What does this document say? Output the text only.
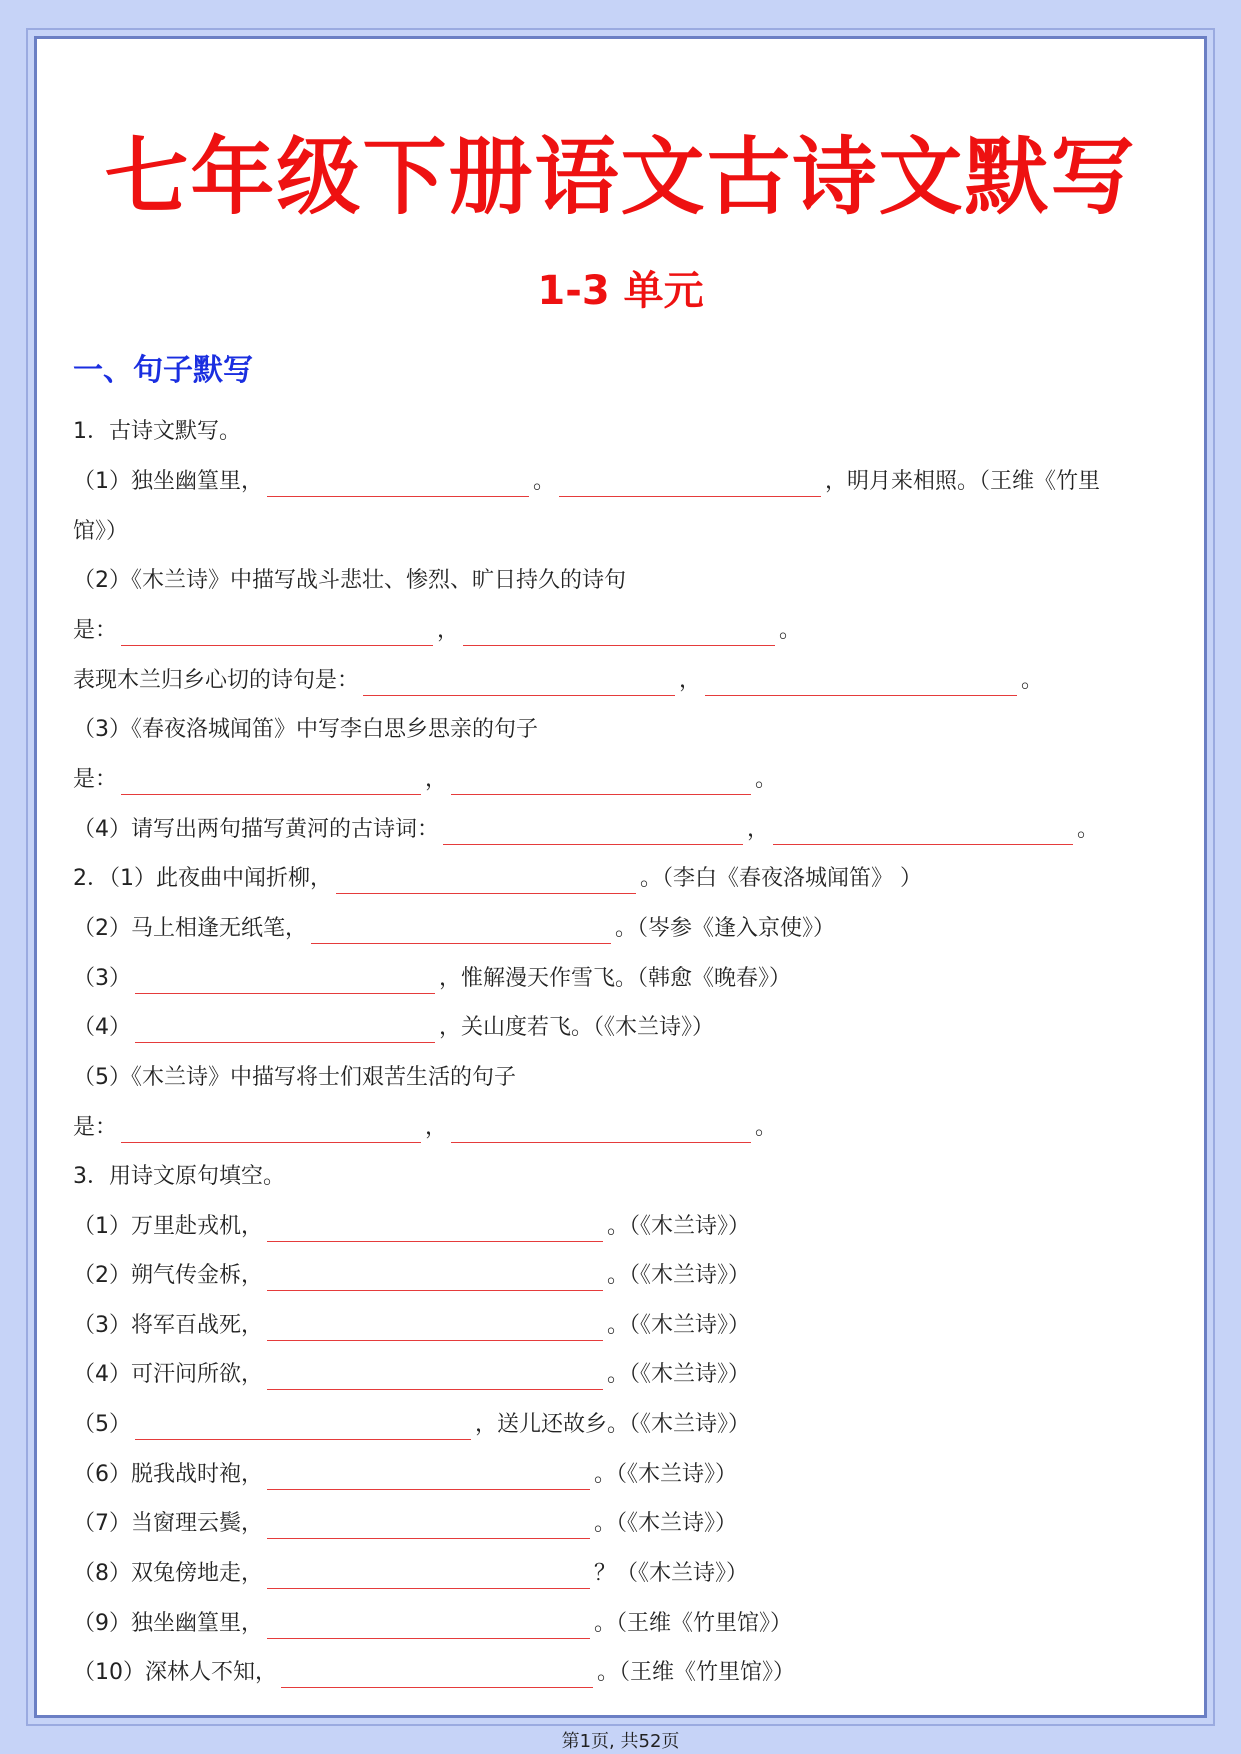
七年级下册语文古诗文默写
1-3 单元
一、句子默写
1．古诗文默写。
（1）独坐幽篁里，	。	，明月来相照。（王维《竹里
馆》）
（2）《木兰诗》中描写战斗悲壮、惨烈、旷日持久的诗句
是：	，	。
表现木兰归乡心切的诗句是：	，	。
（3）《春夜洛城闻笛》中写李白思乡思亲的句子
是：	，	。
（4）请写出两句描写黄河的古诗词：	，	。
2．（1）此夜曲中闻折柳，	。（李白《春夜洛城闻笛》 ）
（2）马上相逢无纸笔，	。（岑参《逢入京使》）
（3）	，惟解漫天作雪飞。（韩愈《晚春》）
（4）	，关山度若飞。（《木兰诗》）
（5）《木兰诗》中描写将士们艰苦生活的句子
是：	，	。
3．用诗文原句填空。
（1）万里赴戎机，	。（《木兰诗》）
（2）朔气传金柝，	。（《木兰诗》）
（3）将军百战死，	。（《木兰诗》）
（4）可汗问所欲，	。（《木兰诗》）
（5）	，送儿还故乡。（《木兰诗》）
（6）脱我战时袍，	。（《木兰诗》）
（7）当窗理云鬓，	。（《木兰诗》）
（8）双兔傍地走，	？（《木兰诗》）
（9）独坐幽篁里，	。（王维《竹里馆》）
（10）深林人不知，	。（王维《竹里馆》）
第1页, 共52页
